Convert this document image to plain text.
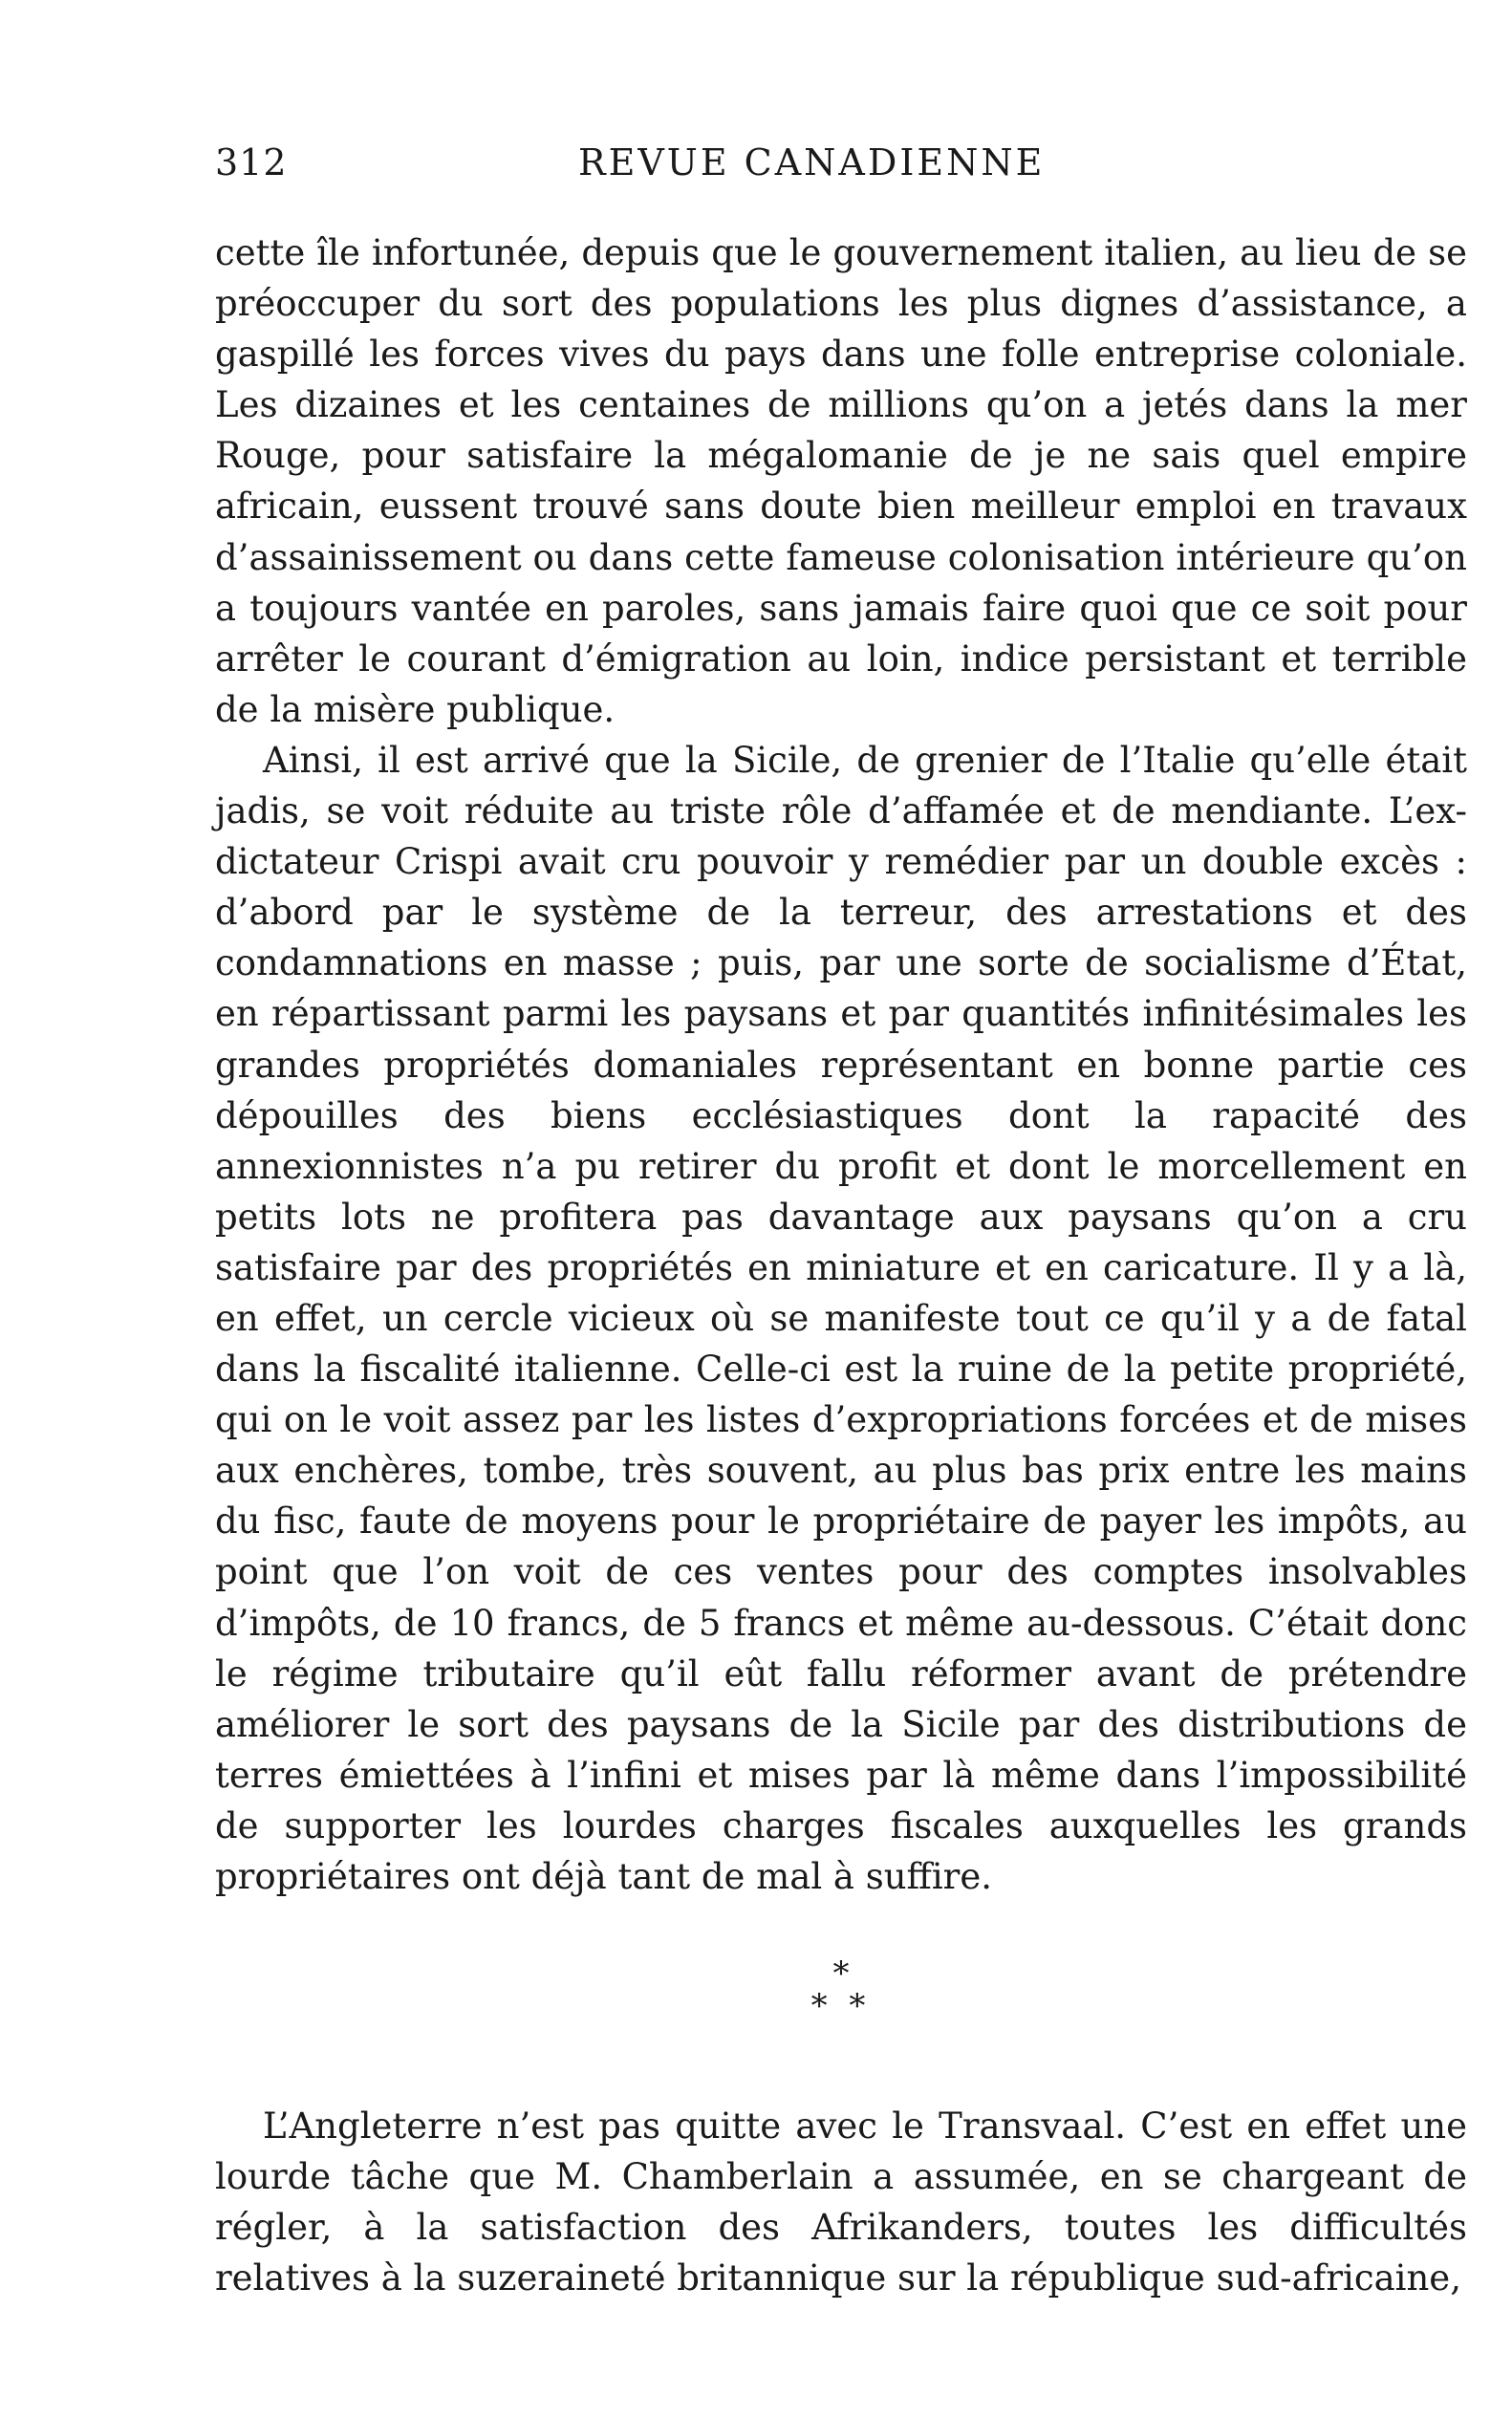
312	REVUE CANADIENNE

cette île infortunée, depuis que le gouvernement italien, au lieu de se préoccuper du sort des populations les plus dignes d’assistance, a gaspillé les forces vives du pays dans une folle entreprise coloniale. Les dizaines et les centaines de millions qu’on a jetés dans la mer Rouge, pour satisfaire la mégalomanie de je ne sais quel empire africain, eussent trouvé sans doute bien meilleur emploi en travaux d’assainissement ou dans cette fameuse colonisation intérieure qu’on a toujours vantée en paroles, sans jamais faire quoi que ce soit pour arrêter le courant d’émigration au loin, indice persistant et terrible de la misère publique.

Ainsi, il est arrivé que la Sicile, de grenier de l’Italie qu’elle était jadis, se voit réduite au triste rôle d’affamée et de mendiante. L’ex-dictateur Crispi avait cru pouvoir y remédier par un double excès : d’abord par le système de la terreur, des arrestations et des condamnations en masse ; puis, par une sorte de socialisme d’État, en répartissant parmi les paysans et par quantités infinitésimales les grandes propriétés domaniales représentant en bonne partie ces dépouilles des biens ecclésiastiques dont la rapacité des annexionnistes n’a pu retirer du profit et dont le morcellement en petits lots ne profitera pas davantage aux paysans qu’on a cru satisfaire par des propriétés en miniature et en caricature. Il y a là, en effet, un cercle vicieux où se manifeste tout ce qu’il y a de fatal dans la fiscalité italienne. Celle-ci est la ruine de la petite propriété, qui on le voit assez par les listes d’expropriations forcées et de mises aux enchères, tombe, très souvent, au plus bas prix entre les mains du fisc, faute de moyens pour le propriétaire de payer les impôts, au point que l’on voit de ces ventes pour des comptes insolvables d’impôts, de 10 francs, de 5 francs et même au-dessous. C’était donc le régime tributaire qu’il eût fallu réformer avant de prétendre améliorer le sort des paysans de la Sicile par des distributions de terres émiettées à l’infini et mises par là même dans l’impossibilité de supporter les lourdes charges fiscales auxquelles les grands propriétaires ont déjà tant de mal à suffire.

*
* *

L’Angleterre n’est pas quitte avec le Transvaal. C’est en effet une lourde tâche que M. Chamberlain a assumée, en se chargeant de régler, à la satisfaction des Afrikanders, toutes les difficultés relatives à la suzeraineté britannique sur la république sud-africaine,
